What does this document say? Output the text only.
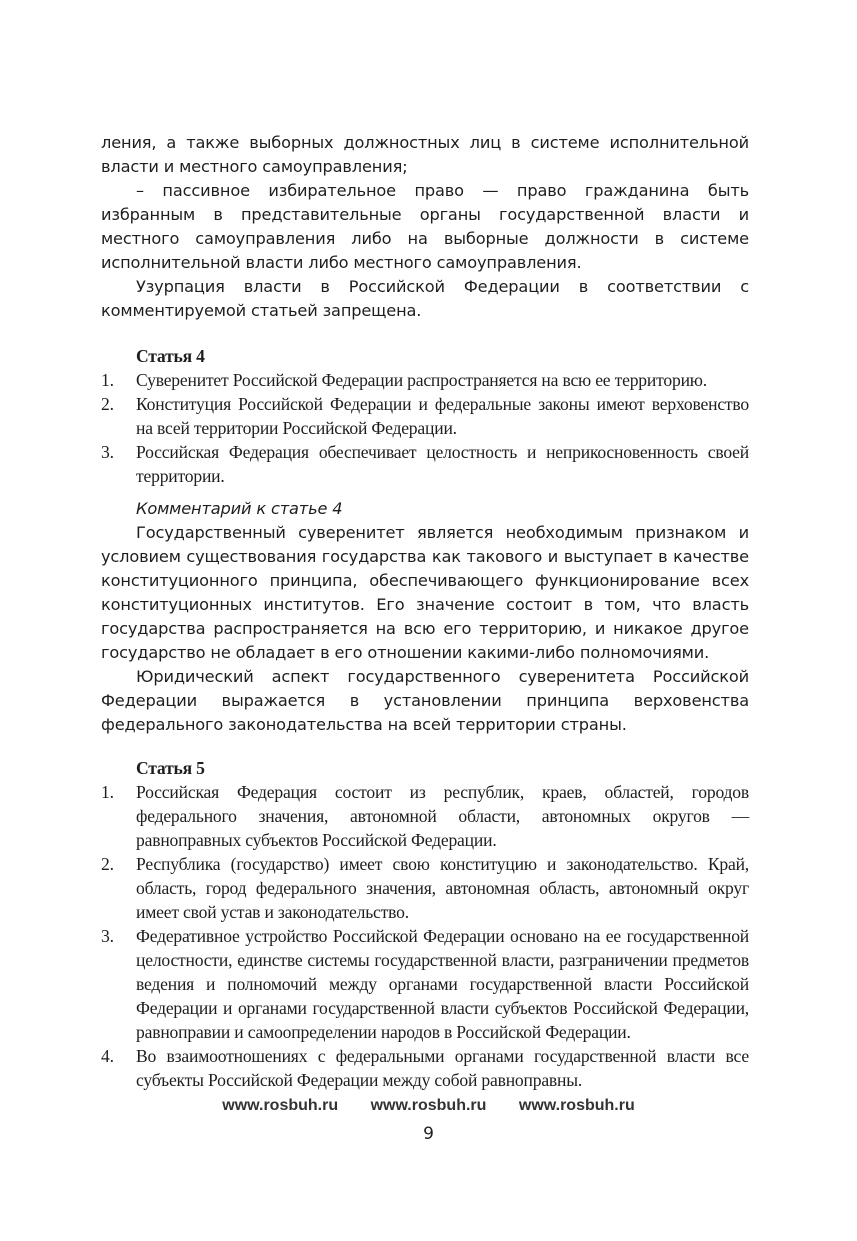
ления, а также выборных должностных лиц в системе исполнительной власти и местного самоуправления;

– пассивное избирательное право — право гражданина быть избранным в представительные органы государственной власти и местного самоуправления либо на выборные должности в системе исполнительной власти либо местного самоуправления.

Узурпация власти в Российской Федерации в соответствии с комментируемой статьей запрещена.

Статья 4
1. Суверенитет Российской Федерации распространяется на всю ее территорию.
2. Конституция Российской Федерации и федеральные законы имеют верховенство на всей территории Российской Федерации.
3. Российская Федерация обеспечивает целостность и неприкосновенность своей территории.

Комментарий к статье 4

Государственный суверенитет является необходимым признаком и условием существования государства как такового и выступает в качестве конституционного принципа, обеспечивающего функционирование всех конституционных институтов. Его значение состоит в том, что власть государства распространяется на всю его территорию, и никакое другое государство не обладает в его отношении какими-либо полномочиями.

Юридический аспект государственного суверенитета Российской Федерации выражается в установлении принципа верховенства федерального законодательства на всей территории страны.

Статья 5
1. Российская Федерация состоит из республик, краев, областей, городов федерального значения, автономной области, автономных округов — равноправных субъектов Российской Федерации.
2. Республика (государство) имеет свою конституцию и законодательство. Край, область, город федерального значения, автономная область, автономный округ имеет свой устав и законодательство.
3. Федеративное устройство Российской Федерации основано на ее государственной целостности, единстве системы государственной власти, разграничении предметов ведения и полномочий между органами государственной власти Российской Федерации и органами государственной власти субъектов Российской Федерации, равноправии и самоопределении народов в Российской Федерации.
4. Во взаимоотношениях с федеральными органами государственной власти все субъекты Российской Федерации между собой равноправны.
www.rosbuh.ru www.rosbuh.ru www.rosbuh.ru
9
